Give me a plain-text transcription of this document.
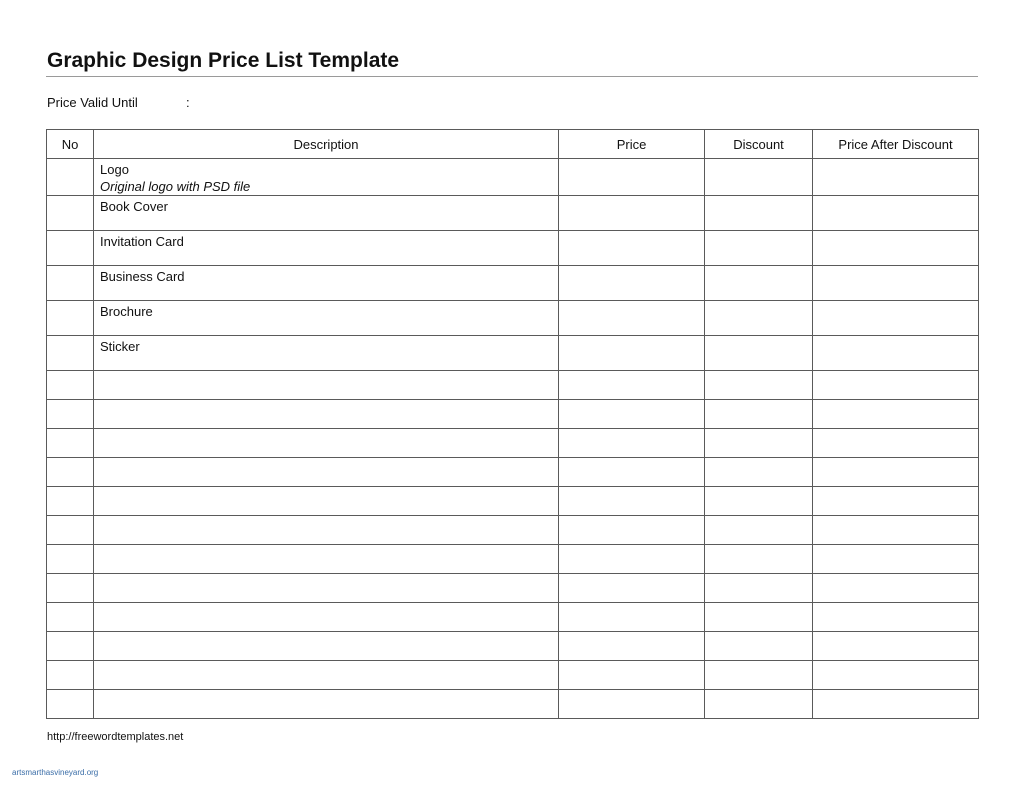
Graphic Design Price List Template
Price Valid Until	:
No	Description	Price	Discount	Price After Discount

	Logo
Original logo with PSD file			

	Book Cover			

	Invitation Card			

	Business Card			

	Brochure			

	Sticker			

http://freewordtemplates.net
artsmarthasvineyard.org
